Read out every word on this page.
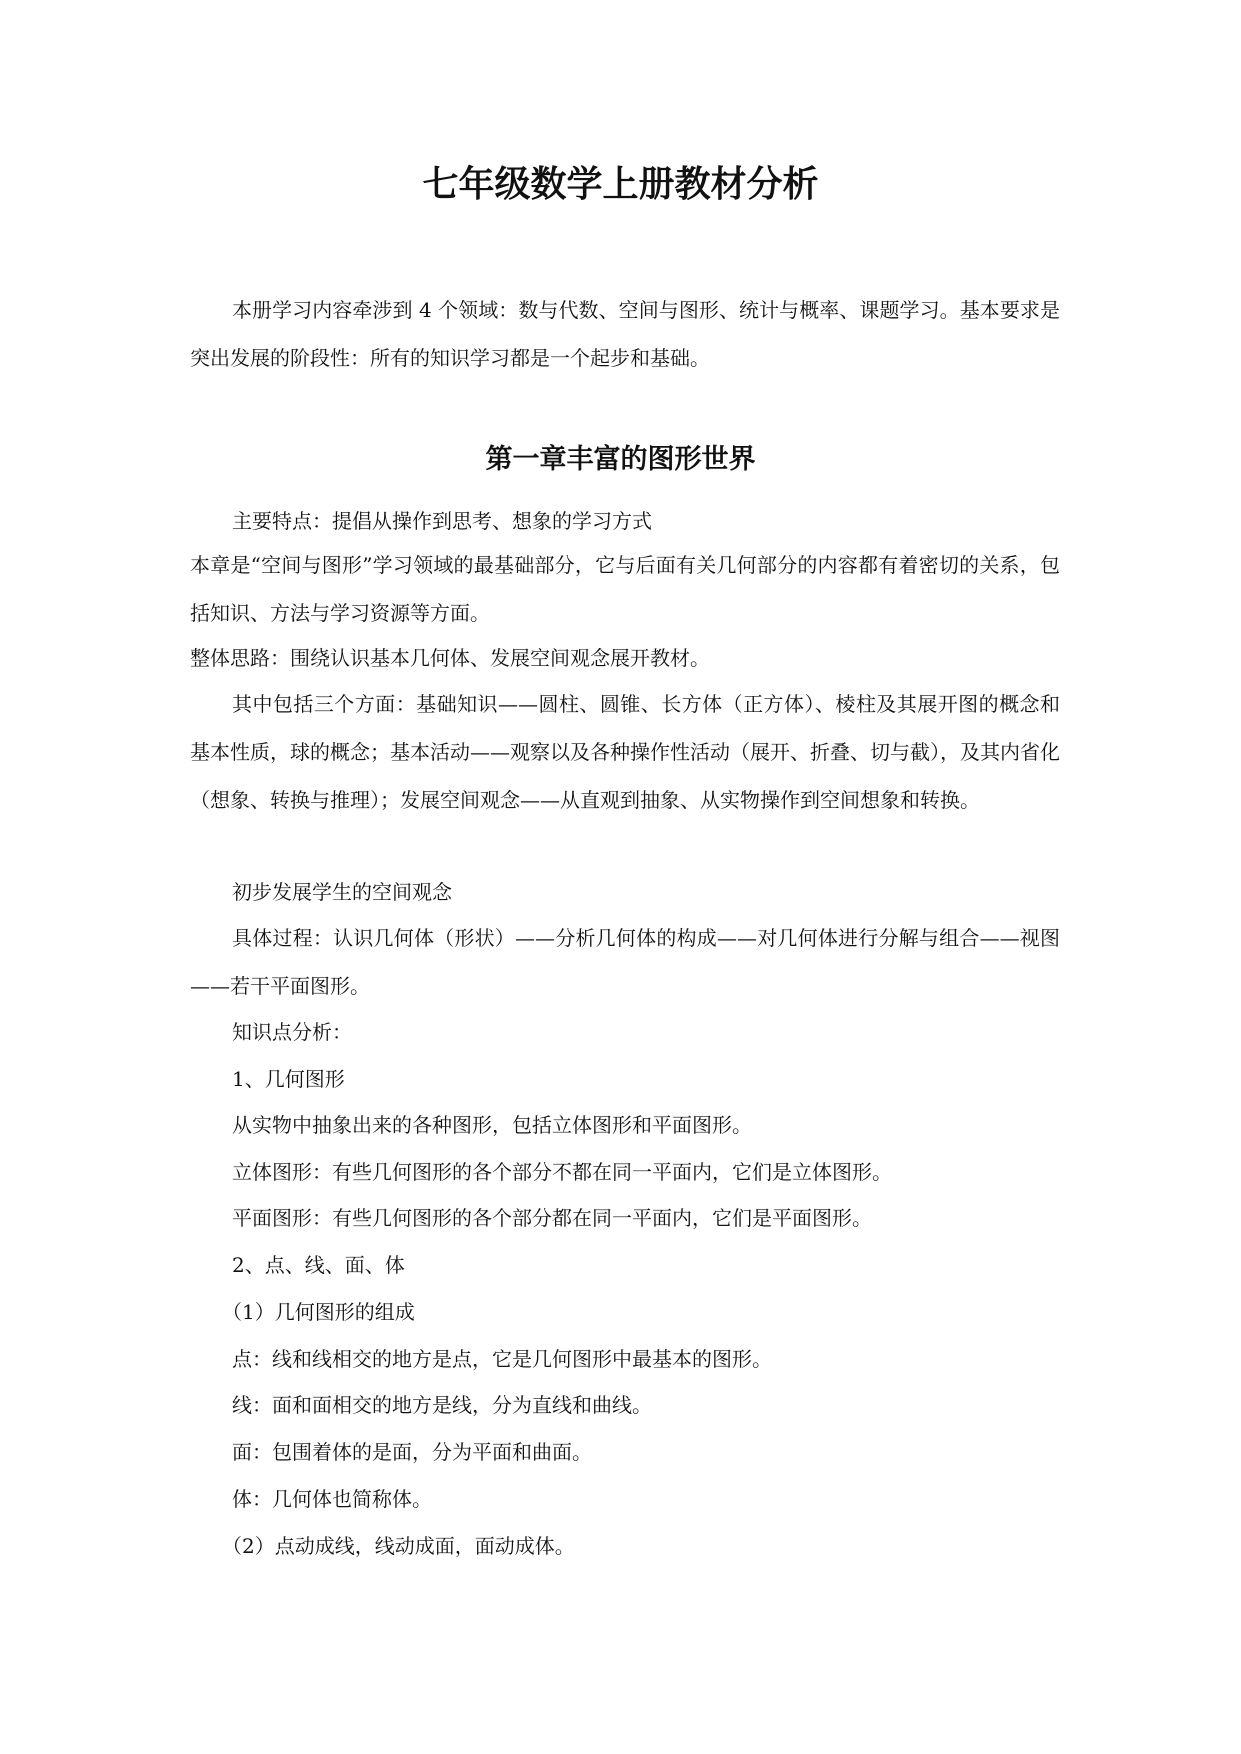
七年级数学上册教材分析

本册学习内容牵涉到 4 个领域：数与代数、空间与图形、统计与概率、课题学习。基本要求是突出发展的阶段性：所有的知识学习都是一个起步和基础。

第一章丰富的图形世界

主要特点：提倡从操作到思考、想象的学习方式

本章是“空间与图形”学习领域的最基础部分，它与后面有关几何部分的内容都有着密切的关系，包括知识、方法与学习资源等方面。

整体思路：围绕认识基本几何体、发展空间观念展开教材。

其中包括三个方面：基础知识——圆柱、圆锥、长方体（正方体）、棱柱及其展开图的概念和基本性质，球的概念；基本活动——观察以及各种操作性活动（展开、折叠、切与截），及其内省化（想象、转换与推理）；发展空间观念——从直观到抽象、从实物操作到空间想象和转换。

初步发展学生的空间观念

具体过程：认识几何体（形状）——分析几何体的构成——对几何体进行分解与组合——视图——若干平面图形。

知识点分析：

1、几何图形

从实物中抽象出来的各种图形，包括立体图形和平面图形。

立体图形：有些几何图形的各个部分不都在同一平面内，它们是立体图形。

平面图形：有些几何图形的各个部分都在同一平面内，它们是平面图形。

2、点、线、面、体

（1）几何图形的组成

点：线和线相交的地方是点，它是几何图形中最基本的图形。

线：面和面相交的地方是线，分为直线和曲线。

面：包围着体的是面，分为平面和曲面。

体：几何体也简称体。

（2）点动成线，线动成面，面动成体。
